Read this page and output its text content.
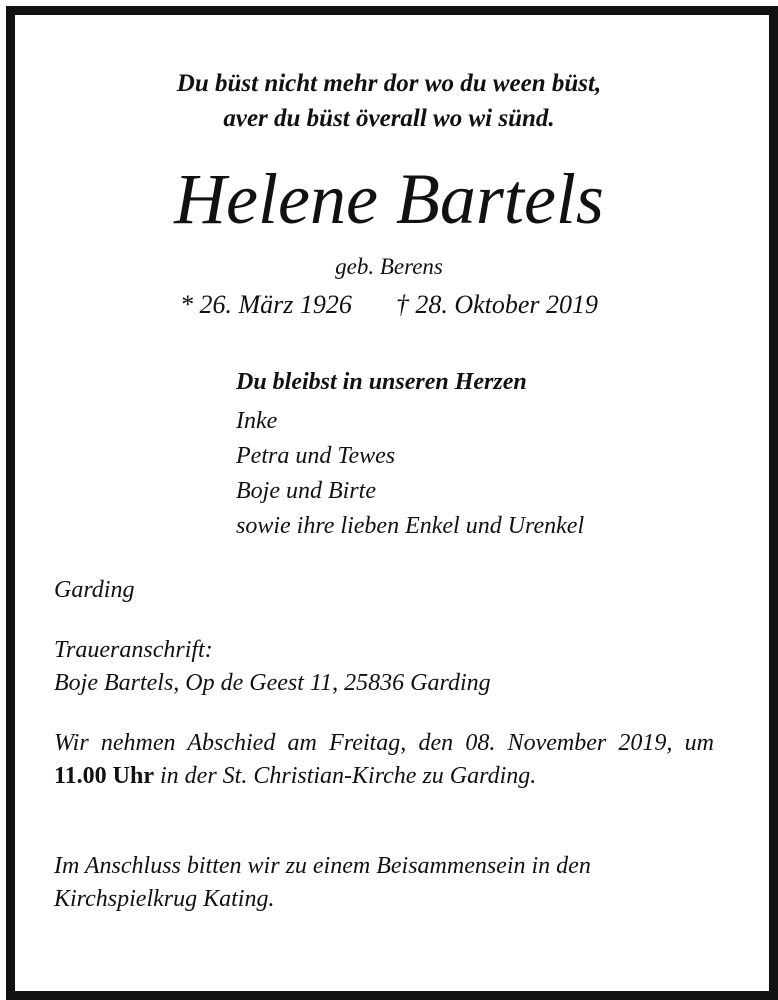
Du büst nicht mehr dor wo du ween büst,
aver du büst överall wo wi sünd.
Helene Bartels
geb. Berens
* 26. März 1926 † 28. Oktober 2019
Du bleibst in unseren Herzen
Inke
Petra und Tewes
Boje und Birte
sowie ihre lieben Enkel und Urenkel
Garding
Traueranschrift:
Boje Bartels, Op de Geest 11, 25836 Garding
Wir nehmen Abschied am Freitag, den 08. November 2019, um 11.00 Uhr in der St. Christian-Kirche zu Garding.
Im Anschluss bitten wir zu einem Beisammensein in den Kirchspielkrug Kating.
